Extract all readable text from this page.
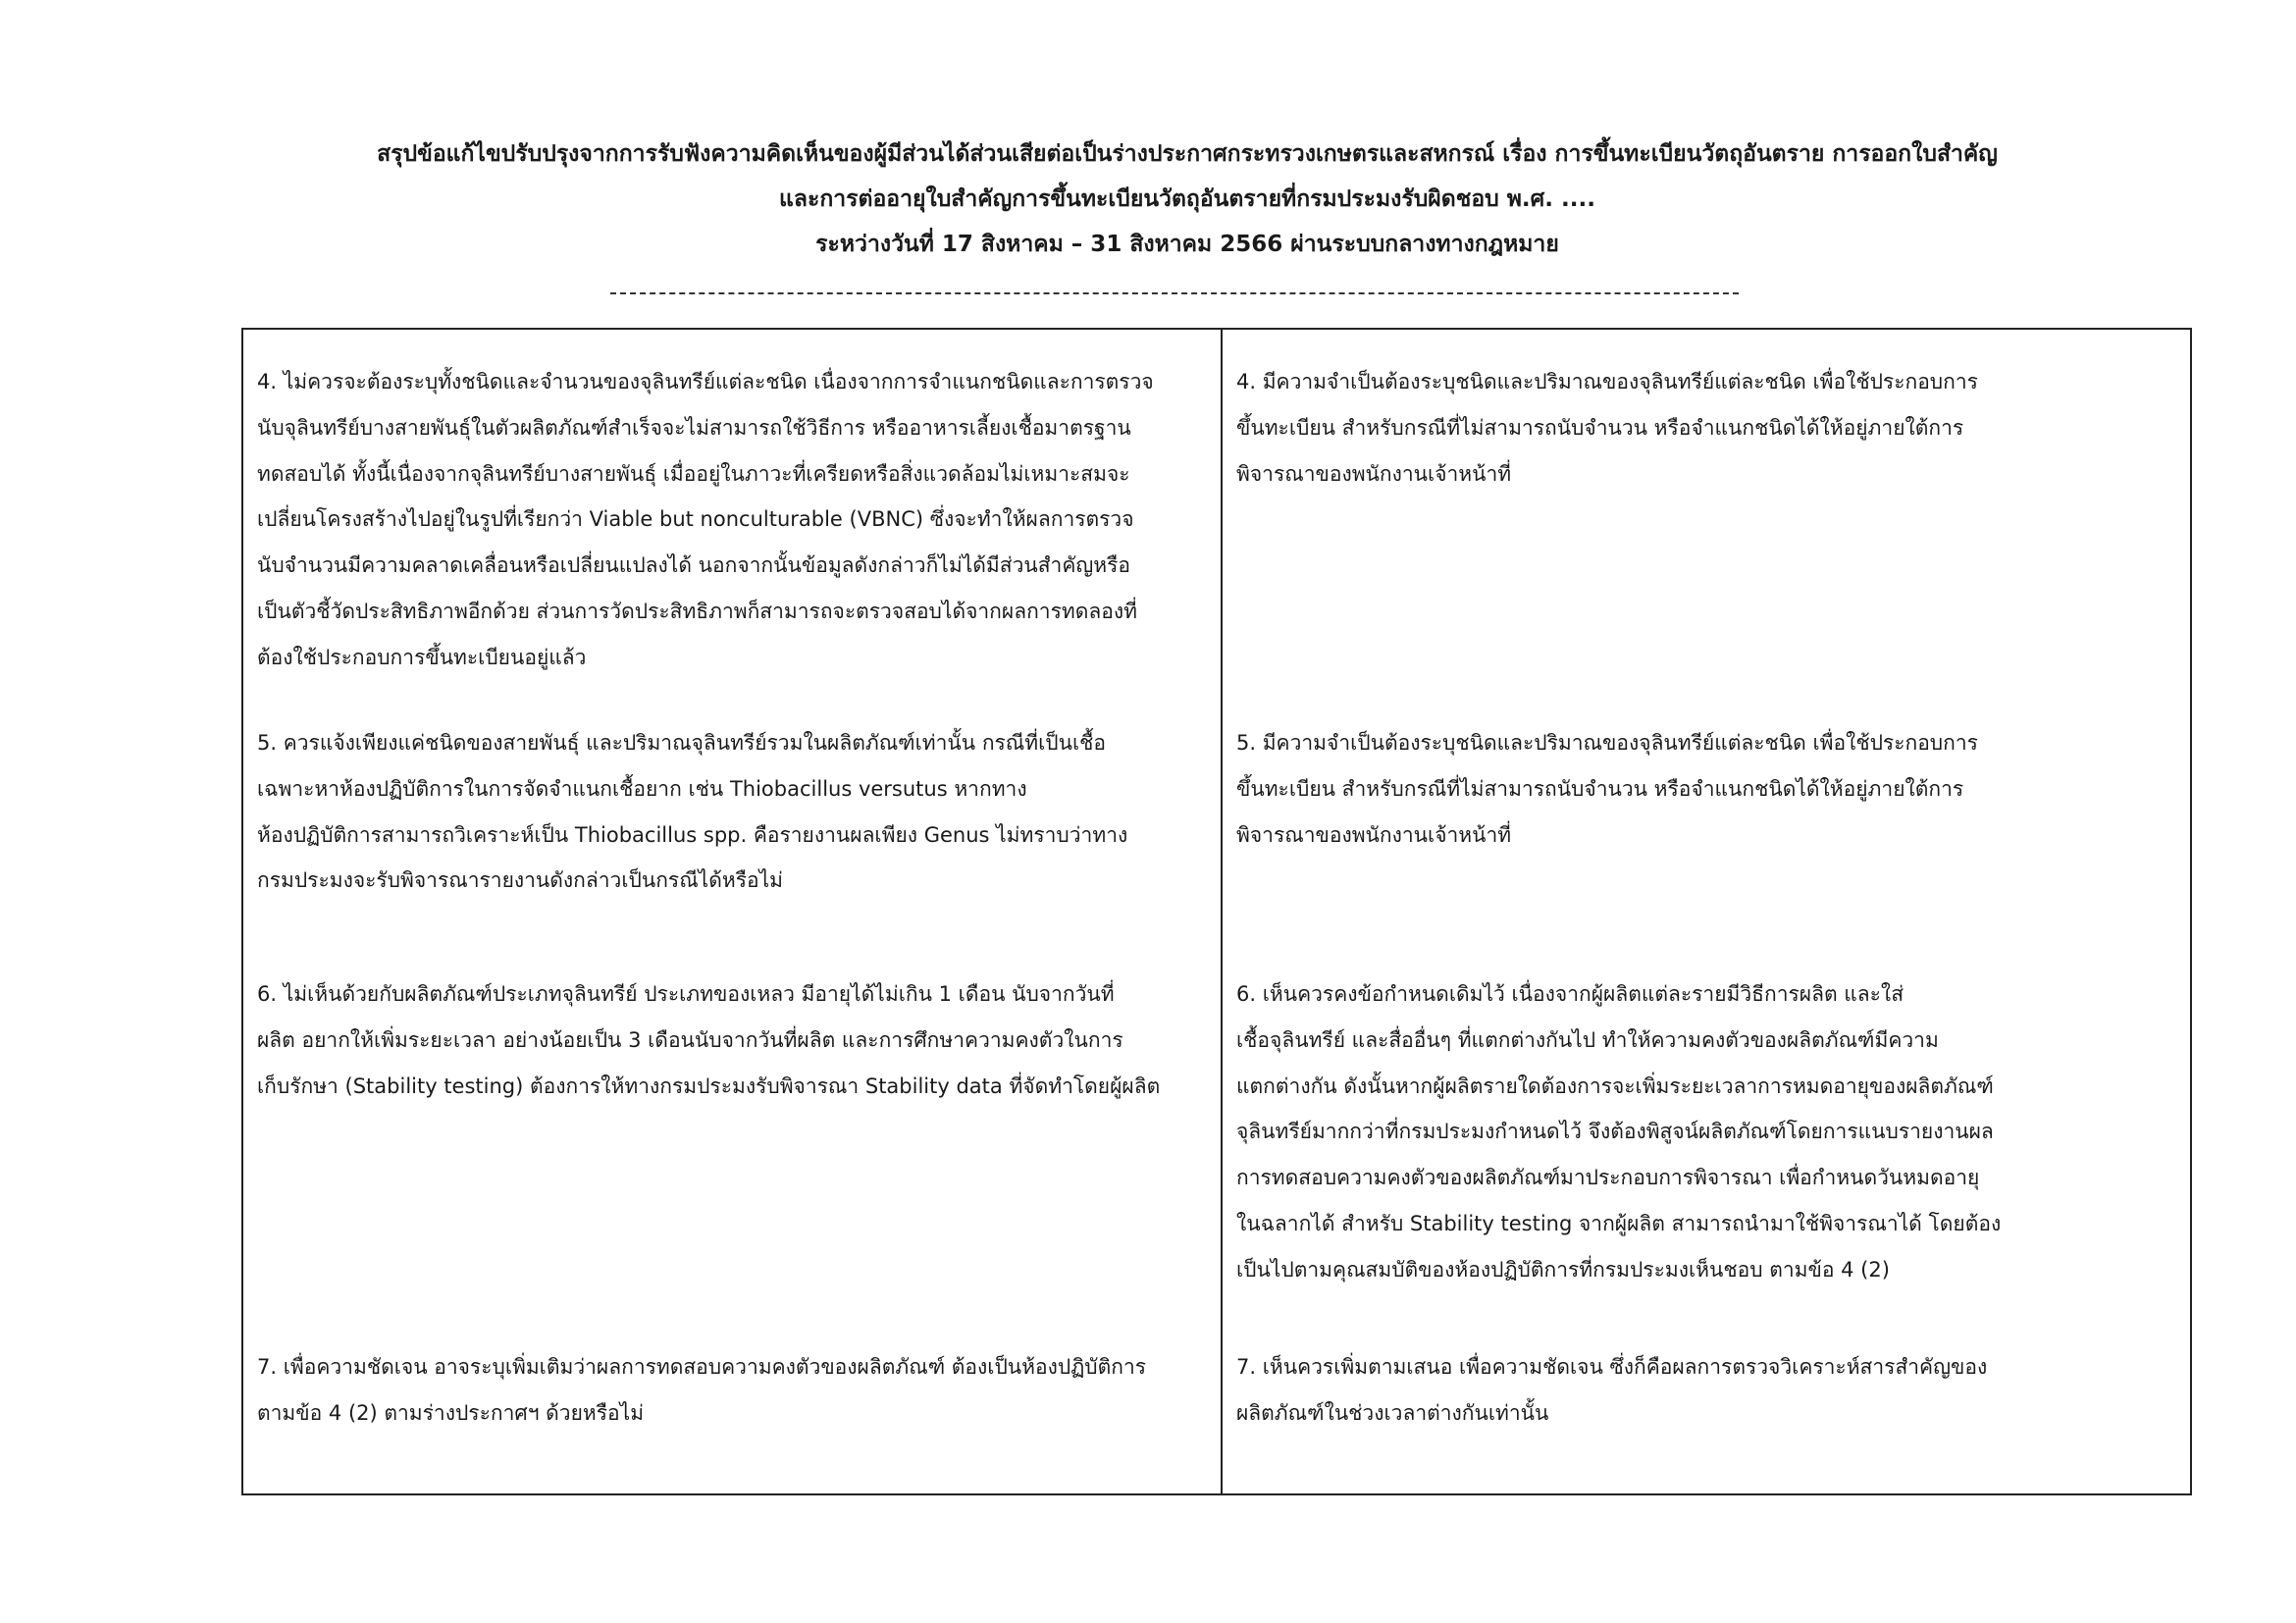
สรุปข้อแก้ไขปรับปรุงจากการรับฟังความคิดเห็นของผู้มีส่วนได้ส่วนเสียต่อเป็นร่างประกาศกระทรวงเกษตรและสหกรณ์ เรื่อง การขึ้นทะเบียนวัตถุอันตราย การออกใบสำคัญ
และการต่ออายุใบสำคัญการขึ้นทะเบียนวัตถุอันตรายที่กรมประมงรับผิดชอบ พ.ศ. ....
ระหว่างวันที่ 17 สิงหาคม – 31 สิงหาคม 2566 ผ่านระบบกลางทางกฎหมาย
4. ไม่ควรจะต้องระบุทั้งชนิดและจำนวนของจุลินทรีย์แต่ละชนิด เนื่องจากการจำแนกชนิดและการตรวจ
นับจุลินทรีย์บางสายพันธุ์ในตัวผลิตภัณฑ์สำเร็จจะไม่สามารถใช้วิธีการ หรืออาหารเลี้ยงเชื้อมาตรฐาน
ทดสอบได้ ทั้งนี้เนื่องจากจุลินทรีย์บางสายพันธุ์ เมื่ออยู่ในภาวะที่เครียดหรือสิ่งแวดล้อมไม่เหมาะสมจะ
เปลี่ยนโครงสร้างไปอยู่ในรูปที่เรียกว่า Viable but nonculturable (VBNC) ซึ่งจะทำให้ผลการตรวจ
นับจำนวนมีความคลาดเคลื่อนหรือเปลี่ยนแปลงได้ นอกจากนั้นข้อมูลดังกล่าวก็ไม่ได้มีส่วนสำคัญหรือ
เป็นตัวชี้วัดประสิทธิภาพอีกด้วย ส่วนการวัดประสิทธิภาพก็สามารถจะตรวจสอบได้จากผลการทดลองที่
ต้องใช้ประกอบการขึ้นทะเบียนอยู่แล้ว
4. มีความจำเป็นต้องระบุชนิดและปริมาณของจุลินทรีย์แต่ละชนิด เพื่อใช้ประกอบการ
ขึ้นทะเบียน สำหรับกรณีที่ไม่สามารถนับจำนวน หรือจำแนกชนิดได้ให้อยู่ภายใต้การ
พิจารณาของพนักงานเจ้าหน้าที่
5. ควรแจ้งเพียงแค่ชนิดของสายพันธุ์ และปริมาณจุลินทรีย์รวมในผลิตภัณฑ์เท่านั้น กรณีที่เป็นเชื้อ
เฉพาะหาห้องปฏิบัติการในการจัดจำแนกเชื้อยาก เช่น Thiobacillus versutus หากทาง
ห้องปฏิบัติการสามารถวิเคราะห์เป็น Thiobacillus spp. คือรายงานผลเพียง Genus ไม่ทราบว่าทาง
กรมประมงจะรับพิจารณารายงานดังกล่าวเป็นกรณีได้หรือไม่
5. มีความจำเป็นต้องระบุชนิดและปริมาณของจุลินทรีย์แต่ละชนิด เพื่อใช้ประกอบการ
ขึ้นทะเบียน สำหรับกรณีที่ไม่สามารถนับจำนวน หรือจำแนกชนิดได้ให้อยู่ภายใต้การ
พิจารณาของพนักงานเจ้าหน้าที่
6. ไม่เห็นด้วยกับผลิตภัณฑ์ประเภทจุลินทรีย์ ประเภทของเหลว มีอายุได้ไม่เกิน 1 เดือน นับจากวันที่
ผลิต อยากให้เพิ่มระยะเวลา อย่างน้อยเป็น 3 เดือนนับจากวันที่ผลิต และการศึกษาความคงตัวในการ
เก็บรักษา (Stability testing) ต้องการให้ทางกรมประมงรับพิจารณา Stability data ที่จัดทำโดยผู้ผลิต
6. เห็นควรคงข้อกำหนดเดิมไว้ เนื่องจากผู้ผลิตแต่ละรายมีวิธีการผลิต และใส่
เชื้อจุลินทรีย์ และสื่ออื่นๆ ที่แตกต่างกันไป ทำให้ความคงตัวของผลิตภัณฑ์มีความ
แตกต่างกัน ดังนั้นหากผู้ผลิตรายใดต้องการจะเพิ่มระยะเวลาการหมดอายุของผลิตภัณฑ์
จุลินทรีย์มากกว่าที่กรมประมงกำหนดไว้ จึงต้องพิสูจน์ผลิตภัณฑ์โดยการแนบรายงานผล
การทดสอบความคงตัวของผลิตภัณฑ์มาประกอบการพิจารณา เพื่อกำหนดวันหมดอายุ
ในฉลากได้ สำหรับ Stability testing จากผู้ผลิต สามารถนำมาใช้พิจารณาได้ โดยต้อง
เป็นไปตามคุณสมบัติของห้องปฏิบัติการที่กรมประมงเห็นชอบ ตามข้อ 4 (2)
7. เพื่อความชัดเจน อาจระบุเพิ่มเติมว่าผลการทดสอบความคงตัวของผลิตภัณฑ์ ต้องเป็นห้องปฏิบัติการ
ตามข้อ 4 (2) ตามร่างประกาศฯ ด้วยหรือไม่
7. เห็นควรเพิ่มตามเสนอ เพื่อความชัดเจน ซึ่งก็คือผลการตรวจวิเคราะห์สารสำคัญของ
ผลิตภัณฑ์ในช่วงเวลาต่างกันเท่านั้น
